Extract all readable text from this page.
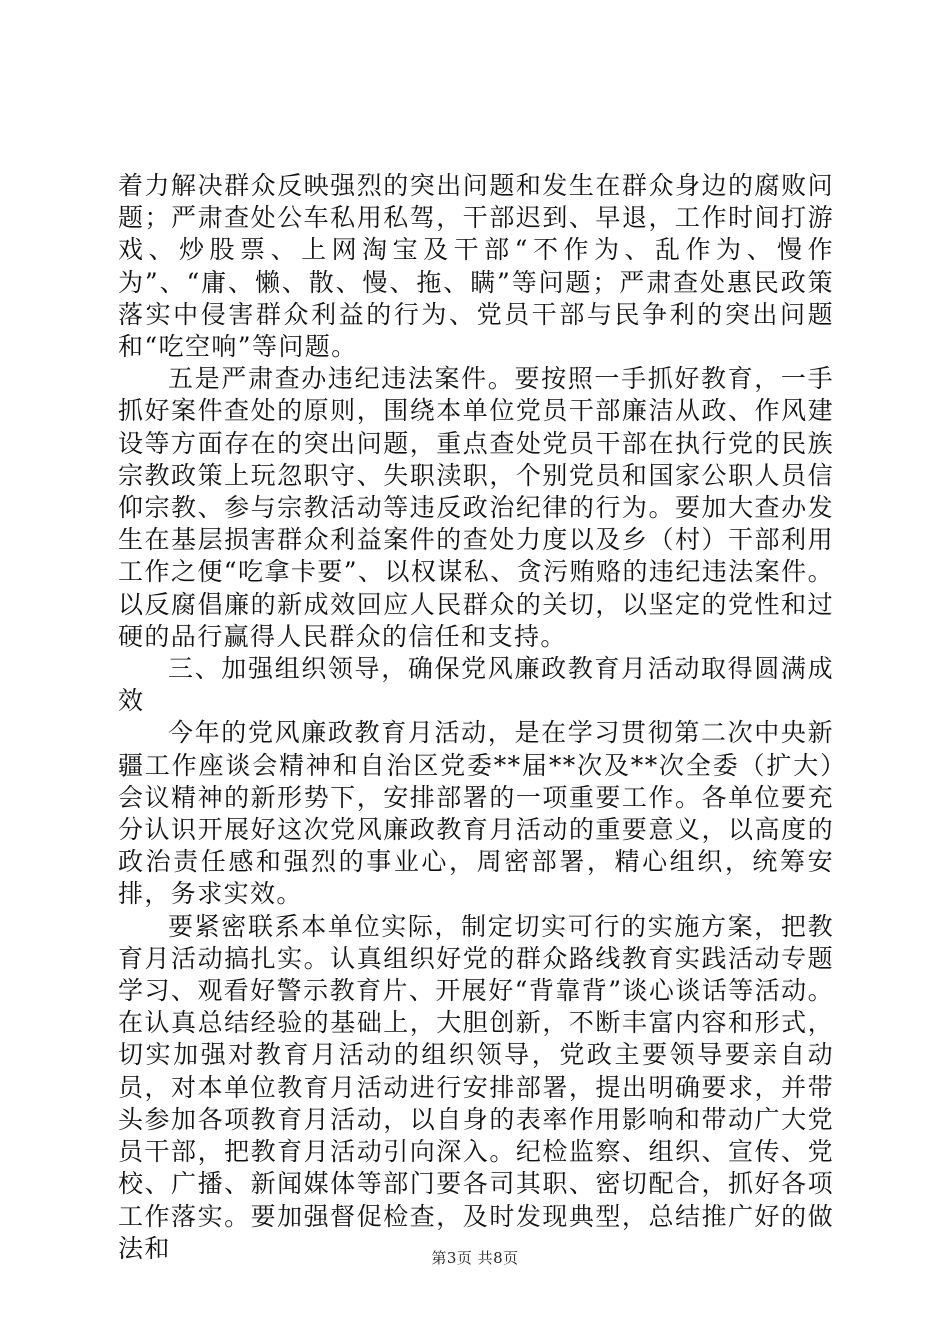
着力解决群众反映强烈的突出问题和发生在群众身边的腐败问题；严肃查处公车私用私驾，干部迟到、早退，工作时间打游戏、炒股票、上网淘宝及干部“不作为、乱作为、慢作为”、“庸、懒、散、慢、拖、瞒”等问题；严肃查处惠民政策落实中侵害群众利益的行为、党员干部与民争利的突出问题和“吃空响”等问题。

五是严肃查办违纪违法案件。要按照一手抓好教育，一手抓好案件查处的原则，围绕本单位党员干部廉洁从政、作风建设等方面存在的突出问题，重点查处党员干部在执行党的民族宗教政策上玩忽职守、失职渎职，个别党员和国家公职人员信仰宗教、参与宗教活动等违反政治纪律的行为。要加大查办发生在基层损害群众利益案件的查处力度以及乡（村）干部利用工作之便“吃拿卡要”、以权谋私、贪污贿赂的违纪违法案件。以反腐倡廉的新成效回应人民群众的关切，以坚定的党性和过硬的品行赢得人民群众的信任和支持。

三、加强组织领导，确保党风廉政教育月活动取得圆满成效

今年的党风廉政教育月活动，是在学习贯彻第二次中央新疆工作座谈会精神和自治区党委**届**次及**次全委（扩大）会议精神的新形势下，安排部署的一项重要工作。各单位要充分认识开展好这次党风廉政教育月活动的重要意义，以高度的政治责任感和强烈的事业心，周密部署，精心组织，统筹安排，务求实效。

要紧密联系本单位实际，制定切实可行的实施方案，把教育月活动搞扎实。认真组织好党的群众路线教育实践活动专题学习、观看好警示教育片、开展好“背靠背”谈心谈话等活动。在认真总结经验的基础上，大胆创新，不断丰富内容和形式，切实加强对教育月活动的组织领导，党政主要领导要亲自动员，对本单位教育月活动进行安排部署，提出明确要求，并带头参加各项教育月活动，以自身的表率作用影响和带动广大党员干部，把教育月活动引向深入。纪检监察、组织、宣传、党校、广播、新闻媒体等部门要各司其职、密切配合，抓好各项工作落实。要加强督促检查，及时发现典型，总结推广好的做法和	第3页 共8页
